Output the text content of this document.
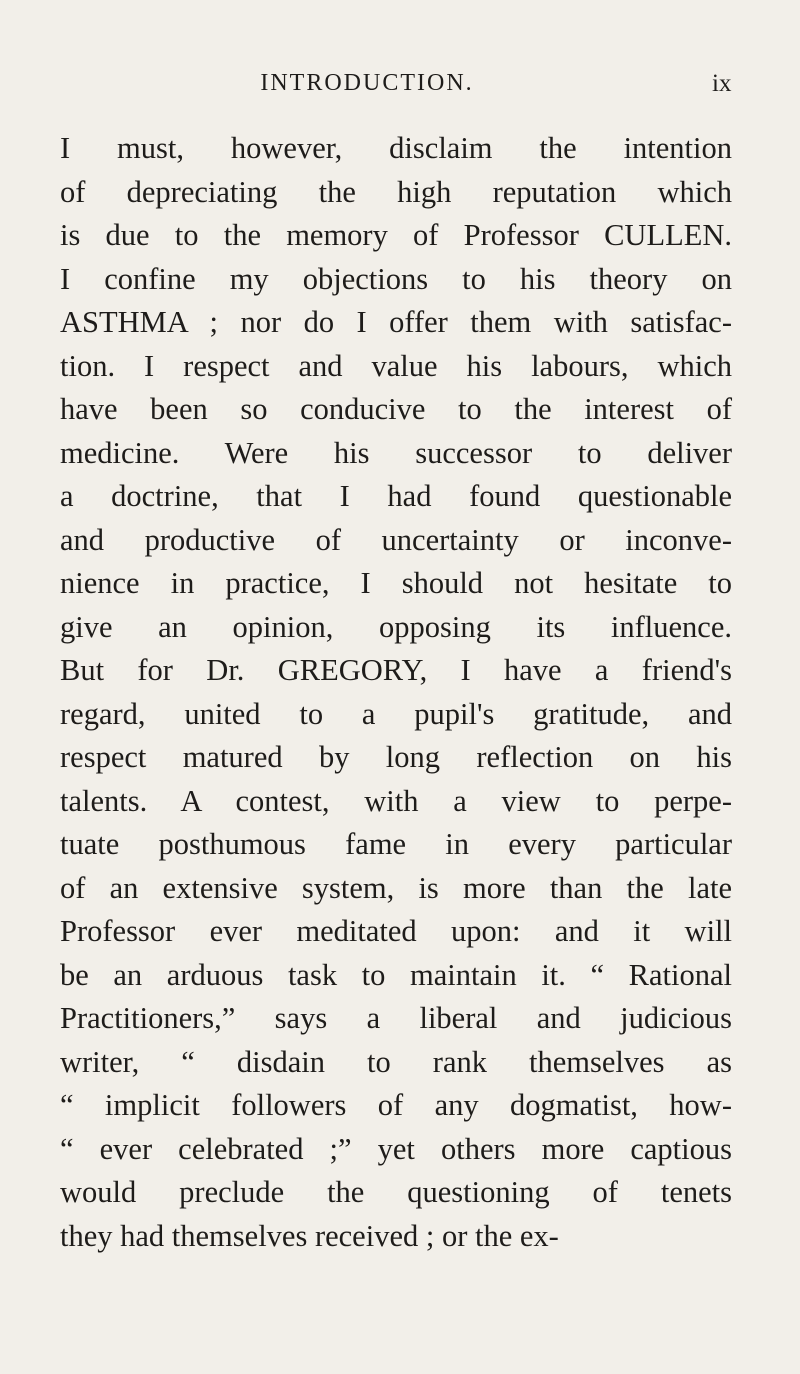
INTRODUCTION.	ix
I must, however, disclaim the intention
of depreciating the high reputation which
is due to the memory of Professor CULLEN.
I confine my objections to his theory on
ASTHMA ; nor do I offer them with satisfac-
tion. I respect and value his labours, which
have been so conducive to the interest of
medicine. Were his successor to deliver
a doctrine, that I had found questionable
and productive of uncertainty or inconve-
nience in practice, I should not hesitate to
give an opinion, opposing its influence.
But for Dr. GREGORY, I have a friend's
regard, united to a pupil's gratitude, and
respect matured by long reflection on his
talents. A contest, with a view to perpe-
tuate posthumous fame in every particular
of an extensive system, is more than the late
Professor ever meditated upon: and it will
be an arduous task to maintain it. “ Rational
Practitioners,” says a liberal and judicious
writer, “ disdain to rank themselves as
“ implicit followers of any dogmatist, how-
“ ever celebrated ;” yet others more captious
would preclude the questioning of tenets
they had themselves received ; or the ex-
